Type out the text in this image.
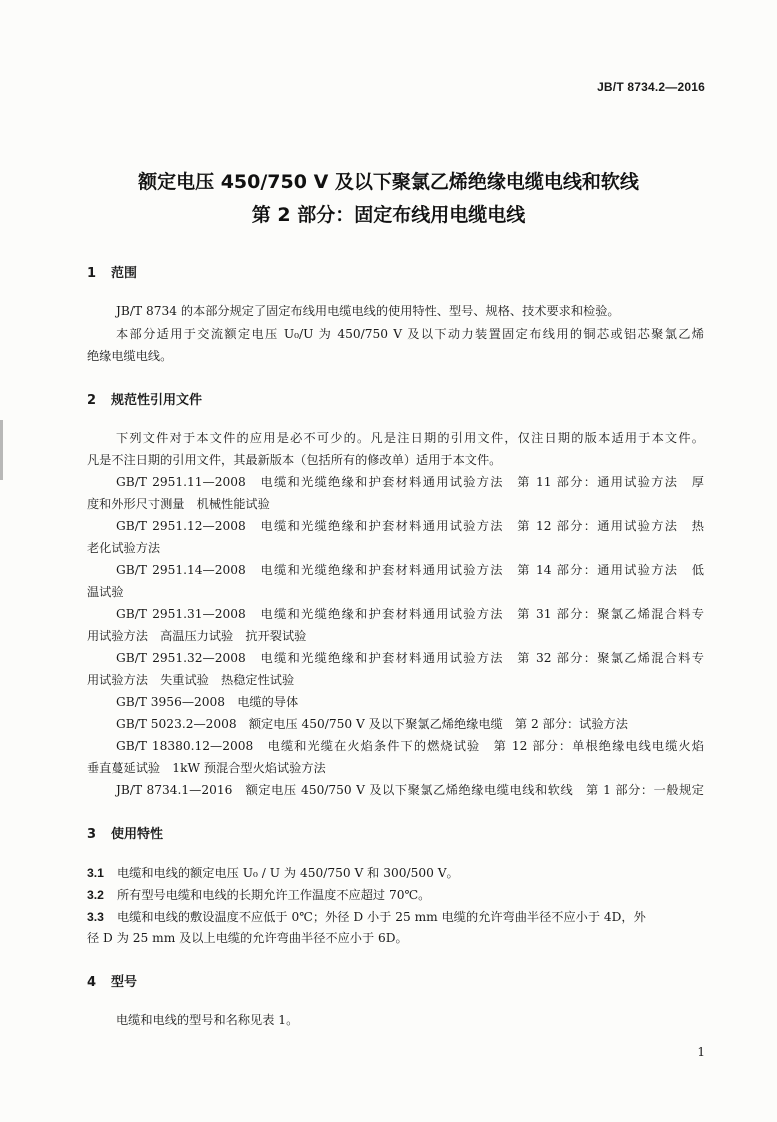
JB/T 8734.2—2016
额定电压 450/750 V 及以下聚氯乙烯绝缘电缆电线和软线
第 2 部分：固定布线用电缆电线
1 范围
JB/T 8734 的本部分规定了固定布线用电缆电线的使用特性、型号、规格、技术要求和检验。
本部分适用于交流额定电压 U₀/U 为 450/750 V 及以下动力装置固定布线用的铜芯或铝芯聚氯乙烯
绝缘电缆电线。
2 规范性引用文件
下列文件对于本文件的应用是必不可少的。凡是注日期的引用文件，仅注日期的版本适用于本文件。
凡是不注日期的引用文件，其最新版本（包括所有的修改单）适用于本文件。
GB/T 2951.11—2008　电缆和光缆绝缘和护套材料通用试验方法　第 11 部分：通用试验方法　厚
度和外形尺寸测量　机械性能试验
GB/T 2951.12—2008　电缆和光缆绝缘和护套材料通用试验方法　第 12 部分：通用试验方法　热
老化试验方法
GB/T 2951.14—2008　电缆和光缆绝缘和护套材料通用试验方法　第 14 部分：通用试验方法　低
温试验
GB/T 2951.31—2008　电缆和光缆绝缘和护套材料通用试验方法　第 31 部分：聚氯乙烯混合料专
用试验方法　高温压力试验　抗开裂试验
GB/T 2951.32—2008　电缆和光缆绝缘和护套材料通用试验方法　第 32 部分：聚氯乙烯混合料专
用试验方法　失重试验　热稳定性试验
GB/T 3956—2008　电缆的导体
GB/T 5023.2—2008　额定电压 450/750 V 及以下聚氯乙烯绝缘电缆　第 2 部分：试验方法
GB/T 18380.12—2008　电缆和光缆在火焰条件下的燃烧试验　第 12 部分：单根绝缘电线电缆火焰
垂直蔓延试验　1kW 预混合型火焰试验方法
JB/T 8734.1—2016　额定电压 450/750 V 及以下聚氯乙烯绝缘电缆电线和软线　第 1 部分：一般规定
3 使用特性
3.1 电缆和电线的额定电压 U₀ / U 为 450/750 V 和 300/500 V。
3.2 所有型号电缆和电线的长期允许工作温度不应超过 70℃。
3.3 电缆和电线的敷设温度不应低于 0℃；外径 D 小于 25 mm 电缆的允许弯曲半径不应小于 4D，外
径 D 为 25 mm 及以上电缆的允许弯曲半径不应小于 6D。
4 型号
电缆和电线的型号和名称见表 1。
1
